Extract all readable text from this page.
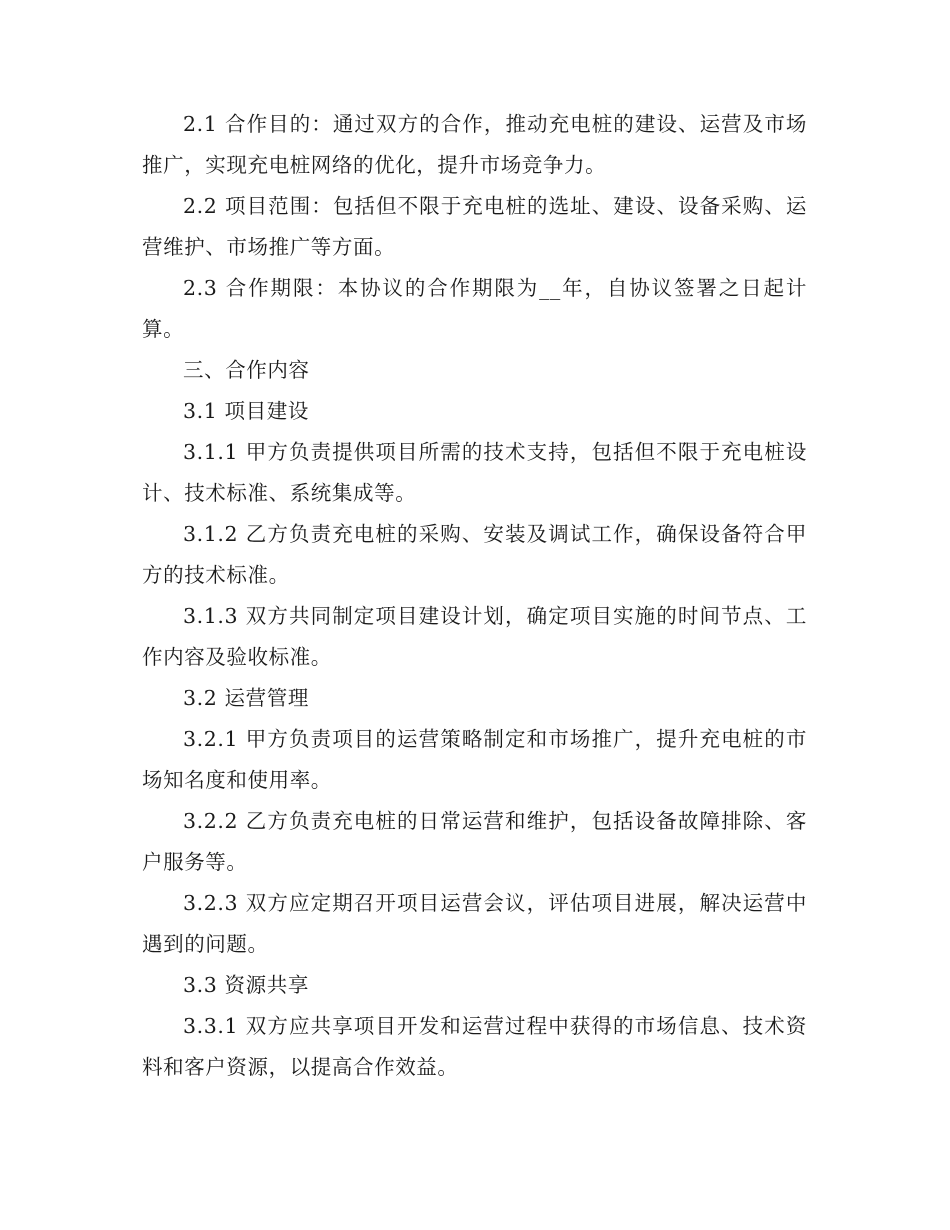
2.1 合作目的：通过双方的合作，推动充电桩的建设、运营及市场推广，实现充电桩网络的优化，提升市场竞争力。

2.2 项目范围：包括但不限于充电桩的选址、建设、设备采购、运营维护、市场推广等方面。

2.3 合作期限：本协议的合作期限为__年，自协议签署之日起计算。

三、合作内容

3.1 项目建设

3.1.1 甲方负责提供项目所需的技术支持，包括但不限于充电桩设计、技术标准、系统集成等。

3.1.2 乙方负责充电桩的采购、安装及调试工作，确保设备符合甲方的技术标准。

3.1.3 双方共同制定项目建设计划，确定项目实施的时间节点、工作内容及验收标准。

3.2 运营管理

3.2.1 甲方负责项目的运营策略制定和市场推广，提升充电桩的市场知名度和使用率。

3.2.2 乙方负责充电桩的日常运营和维护，包括设备故障排除、客户服务等。

3.2.3 双方应定期召开项目运营会议，评估项目进展，解决运营中遇到的问题。

3.3 资源共享

3.3.1 双方应共享项目开发和运营过程中获得的市场信息、技术资料和客户资源，以提高合作效益。
